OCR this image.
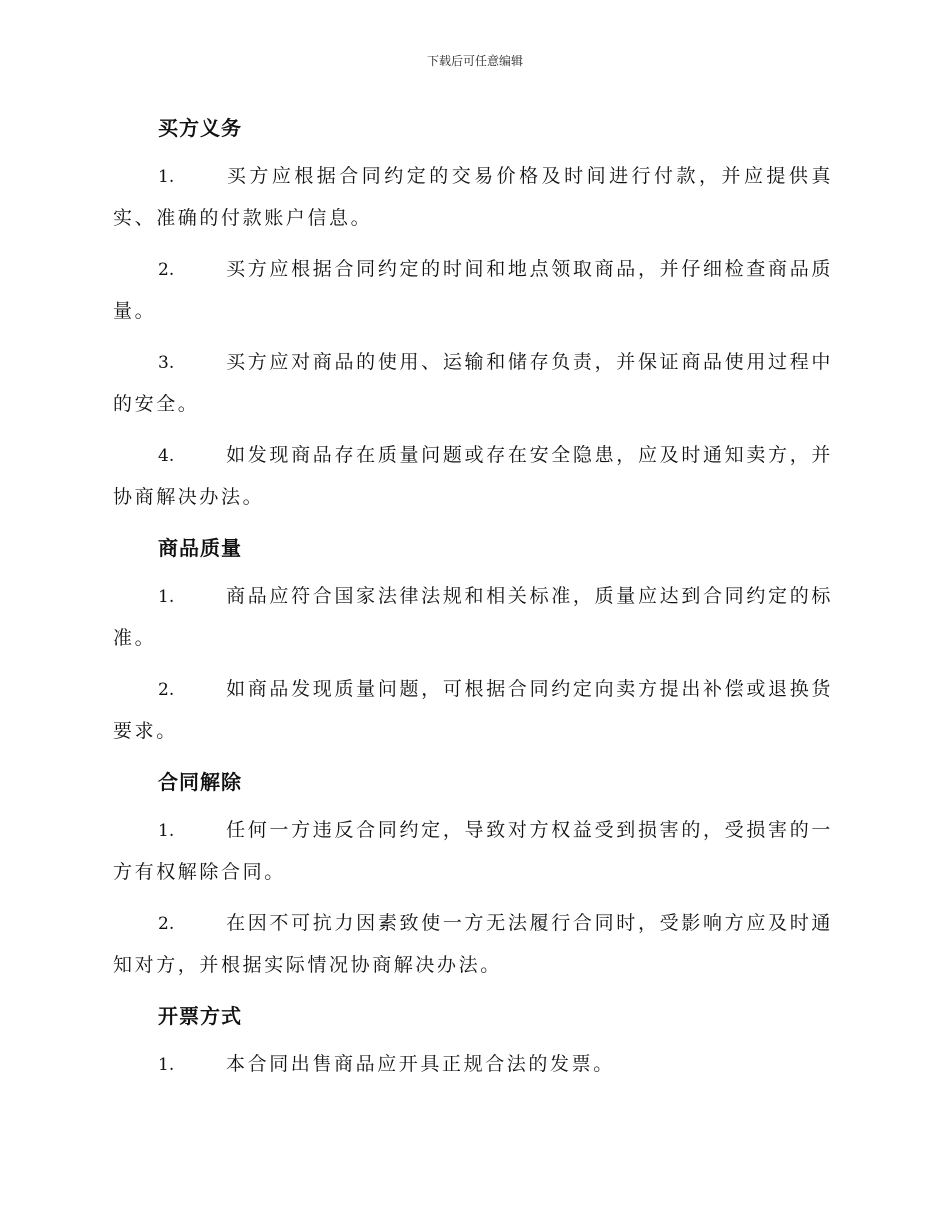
下载后可任意编辑
买方义务

1.	买方应根据合同约定的交易价格及时间进行付款，并应提供真实、准确的付款账户信息。

2.	买方应根据合同约定的时间和地点领取商品，并仔细检查商品质量。

3.	买方应对商品的使用、运输和储存负责，并保证商品使用过程中的安全。

4.	如发现商品存在质量问题或存在安全隐患，应及时通知卖方，并协商解决办法。

商品质量

1.	商品应符合国家法律法规和相关标准，质量应达到合同约定的标准。

2.	如商品发现质量问题，可根据合同约定向卖方提出补偿或退换货要求。

合同解除

1.	任何一方违反合同约定，导致对方权益受到损害的，受损害的一方有权解除合同。

2.	在因不可抗力因素致使一方无法履行合同时，受影响方应及时通知对方，并根据实际情况协商解决办法。

开票方式

1.	本合同出售商品应开具正规合法的发票。
